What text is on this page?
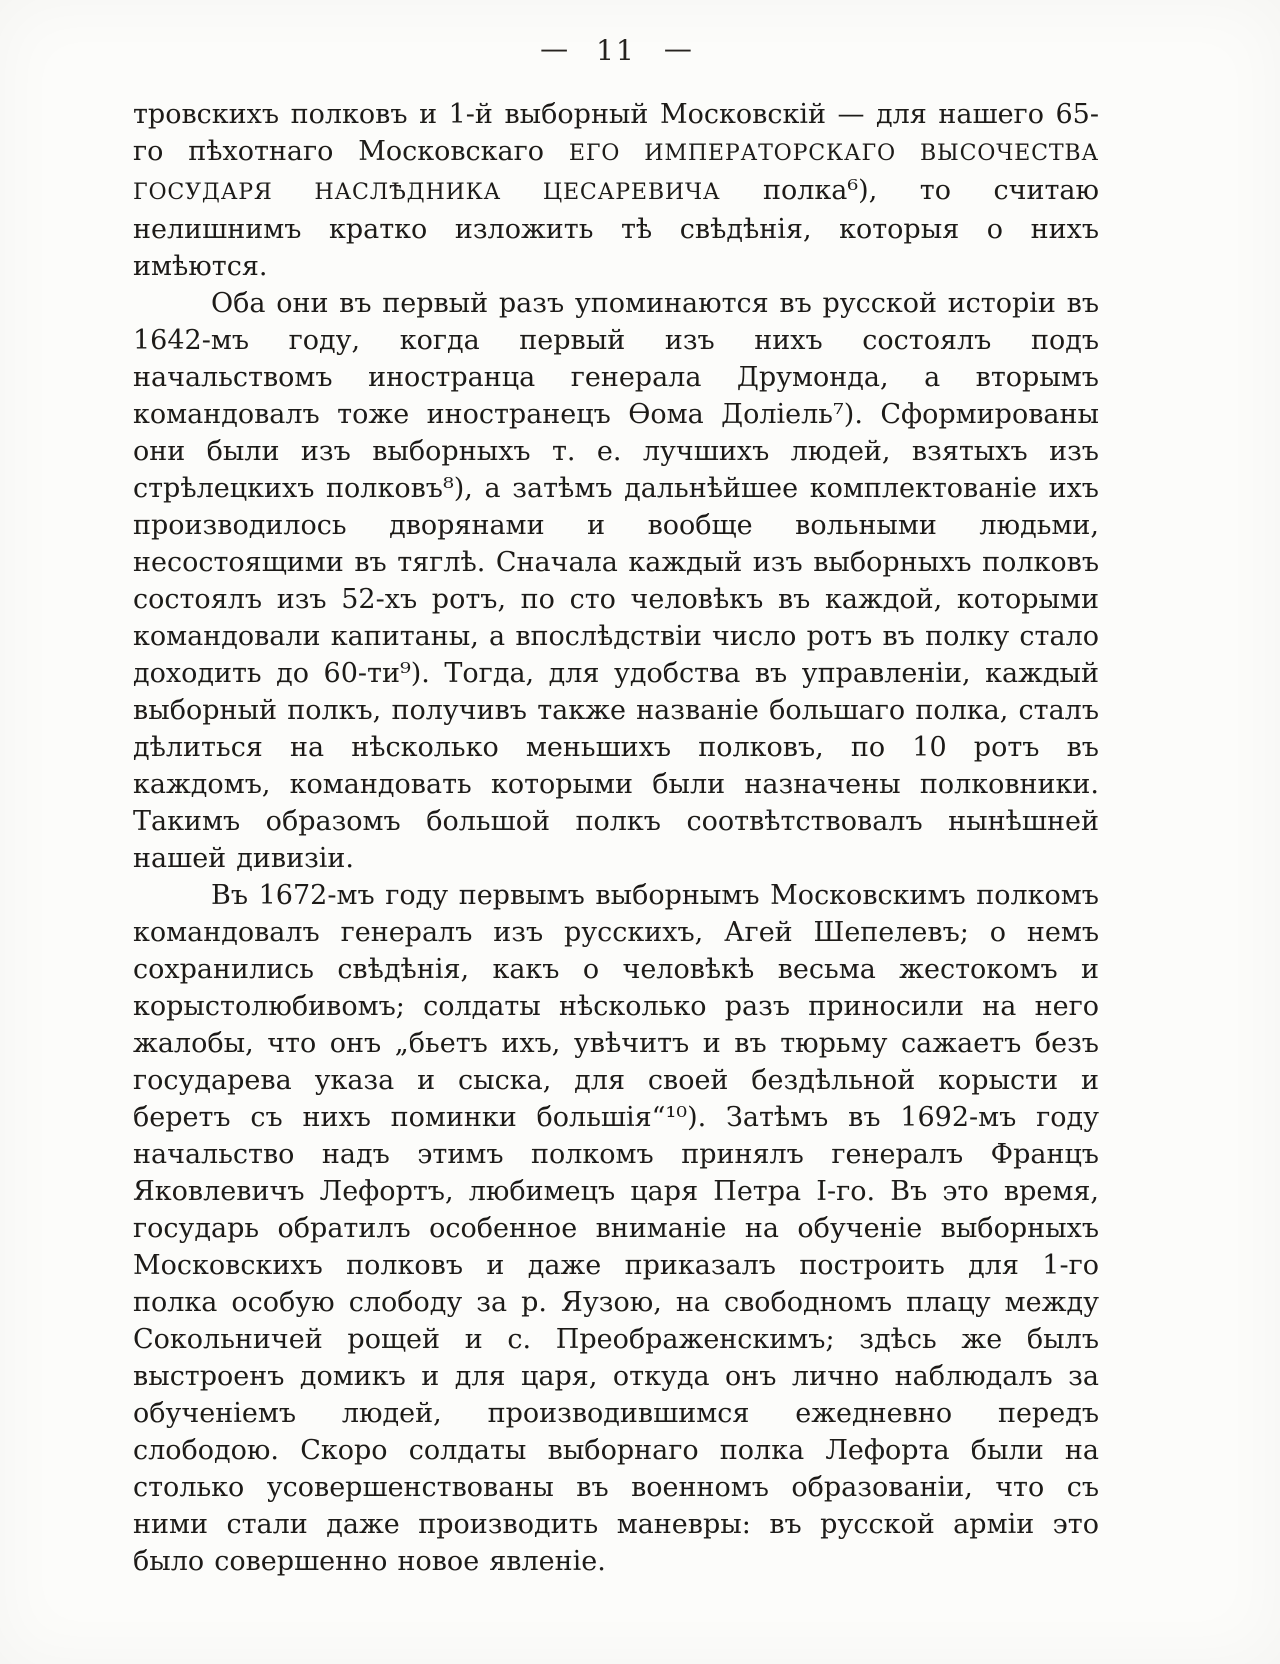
— 11 —

тровскихъ полковъ и 1-й выборный Московскій — для нашего 65-го пѣхотнаго Московскаго ЕГО ИМПЕРАТОРСКАГО ВЫСОЧЕСТВА ГОСУДАРЯ НАСЛѢДНИКА ЦЕСАРЕВИЧА полка⁶), то считаю нелишнимъ кратко изложить тѣ свѣдѣнія, которыя о нихъ имѣются.

Оба они въ первый разъ упоминаются въ русской исторіи въ 1642-мъ году, когда первый изъ нихъ состоялъ подъ начальствомъ иностранца генерала Друмонда, а вторымъ командовалъ тоже иностранецъ Ѳома Доліель⁷). Сформированы они были изъ выборныхъ т. е. лучшихъ людей, взятыхъ изъ стрѣлецкихъ полковъ⁸), а затѣмъ дальнѣйшее комплектованіе ихъ производилось дворянами и вообще вольными людьми, несостоящими въ тяглѣ. Сначала каждый изъ выборныхъ полковъ состоялъ изъ 52-хъ ротъ, по сто человѣкъ въ каждой, которыми командовали капитаны, а впослѣдствіи число ротъ въ полку стало доходить до 60-ти⁹). Тогда, для удобства въ управленіи, каждый выборный полкъ, получивъ также названіе большаго полка, сталъ дѣлиться на нѣсколько меньшихъ полковъ, по 10 ротъ въ каждомъ, командовать которыми были назначены полковники. Такимъ образомъ большой полкъ соотвѣтствовалъ нынѣшней нашей дивизіи.

Въ 1672-мъ году первымъ выборнымъ Московскимъ полкомъ командовалъ генералъ изъ русскихъ, Агей Шепелевъ; о немъ сохранились свѣдѣнія, какъ о человѣкѣ весьма жестокомъ и корыстолюбивомъ; солдаты нѣсколько разъ приносили на него жалобы, что онъ „бьетъ ихъ, увѣчитъ и въ тюрьму сажаетъ безъ государева указа и сыска, для своей бездѣльной корысти и беретъ съ нихъ поминки большія“¹⁰). Затѣмъ въ 1692-мъ году начальство надъ этимъ полкомъ принялъ генералъ Францъ Яковлевичъ Лефортъ, любимецъ царя Петра I-го. Въ это время, государь обратилъ особенное вниманіе на обученіе выборныхъ Московскихъ полковъ и даже приказалъ построить для 1-го полка особую слободу за р. Яузою, на свободномъ плацу между Сокольничей рощей и с. Преображенскимъ; здѣсь же былъ выстроенъ домикъ и для царя, откуда онъ лично наблюдалъ за обученіемъ людей, производившимся ежедневно передъ слободою. Скоро солдаты выборнаго полка Лефорта были на столько усовершенствованы въ военномъ образованіи, что съ ними стали даже производить маневры: въ русской арміи это было совершенно новое явленіе.
